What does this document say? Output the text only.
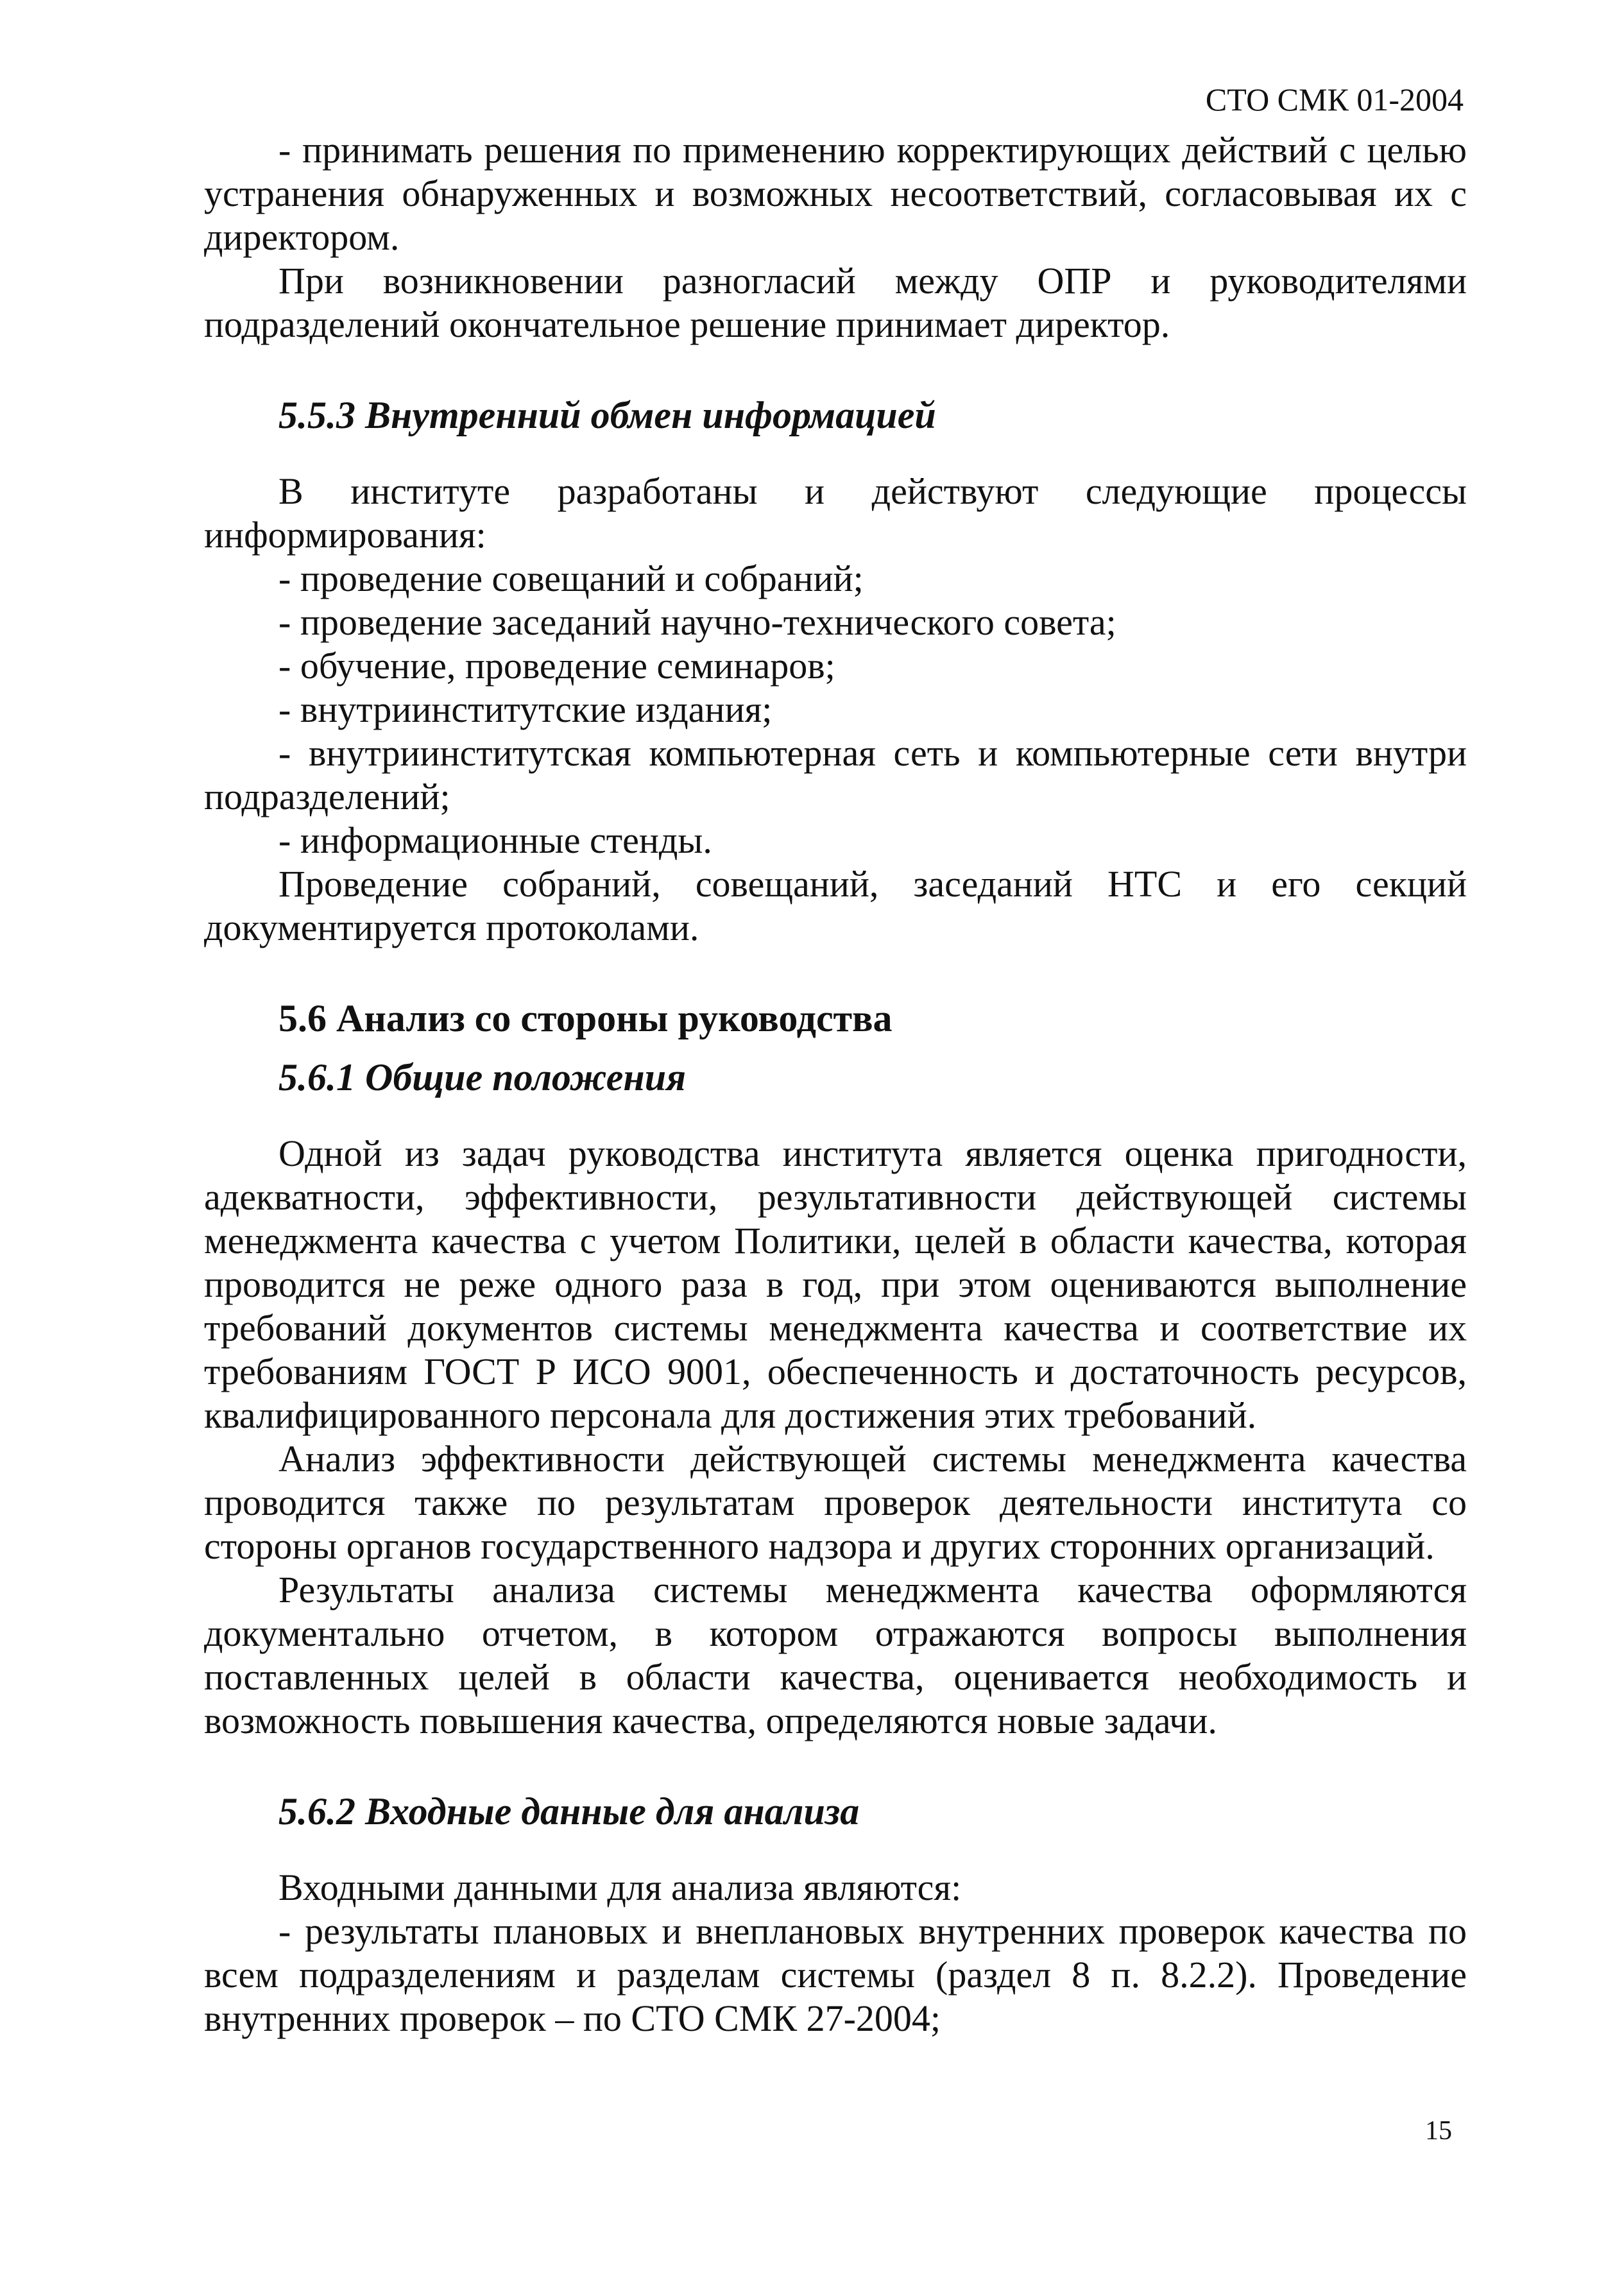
СТО СМК 01-2004

- принимать решения по применению корректирующих действий с целью устранения обнаруженных и возможных несоответствий, согласовывая их с директором.

При возникновении разногласий между ОПР и руководителями подразделений окончательное решение принимает директор.

5.5.3 Внутренний обмен информацией

В институте разработаны и действуют следующие процессы информирования:

- проведение совещаний и собраний;

- проведение заседаний научно-технического совета;

- обучение, проведение семинаров;

- внутриинститутские издания;

- внутриинститутская компьютерная сеть и компьютерные сети внутри подразделений;

- информационные стенды.

Проведение собраний, совещаний, заседаний НТС и его секций документируется протоколами.

5.6 Анализ со стороны руководства

5.6.1 Общие положения

Одной из задач руководства института является оценка пригодности, адекватности, эффективности, результативности действующей системы менеджмента качества с учетом Политики, целей в области качества, которая проводится не реже одного раза в год, при этом оцениваются выполнение требований документов системы менеджмента качества и соответствие их требованиям ГОСТ Р ИСО 9001, обеспеченность и достаточность ресурсов, квалифицированного персонала для достижения этих требований.

Анализ эффективности действующей системы менеджмента качества проводится также по результатам проверок деятельности института со стороны органов государственного надзора и других сторонних организаций.

Результаты анализа системы менеджмента качества оформляются документально отчетом, в котором отражаются вопросы выполнения поставленных целей в области качества, оценивается необходимость и возможность повышения качества, определяются новые задачи.

5.6.2 Входные данные для анализа

Входными данными для анализа являются:

- результаты плановых и внеплановых внутренних проверок качества по всем подразделениям и разделам системы (раздел 8 п. 8.2.2). Проведение внутренних проверок – по СТО СМК 27-2004;

15
